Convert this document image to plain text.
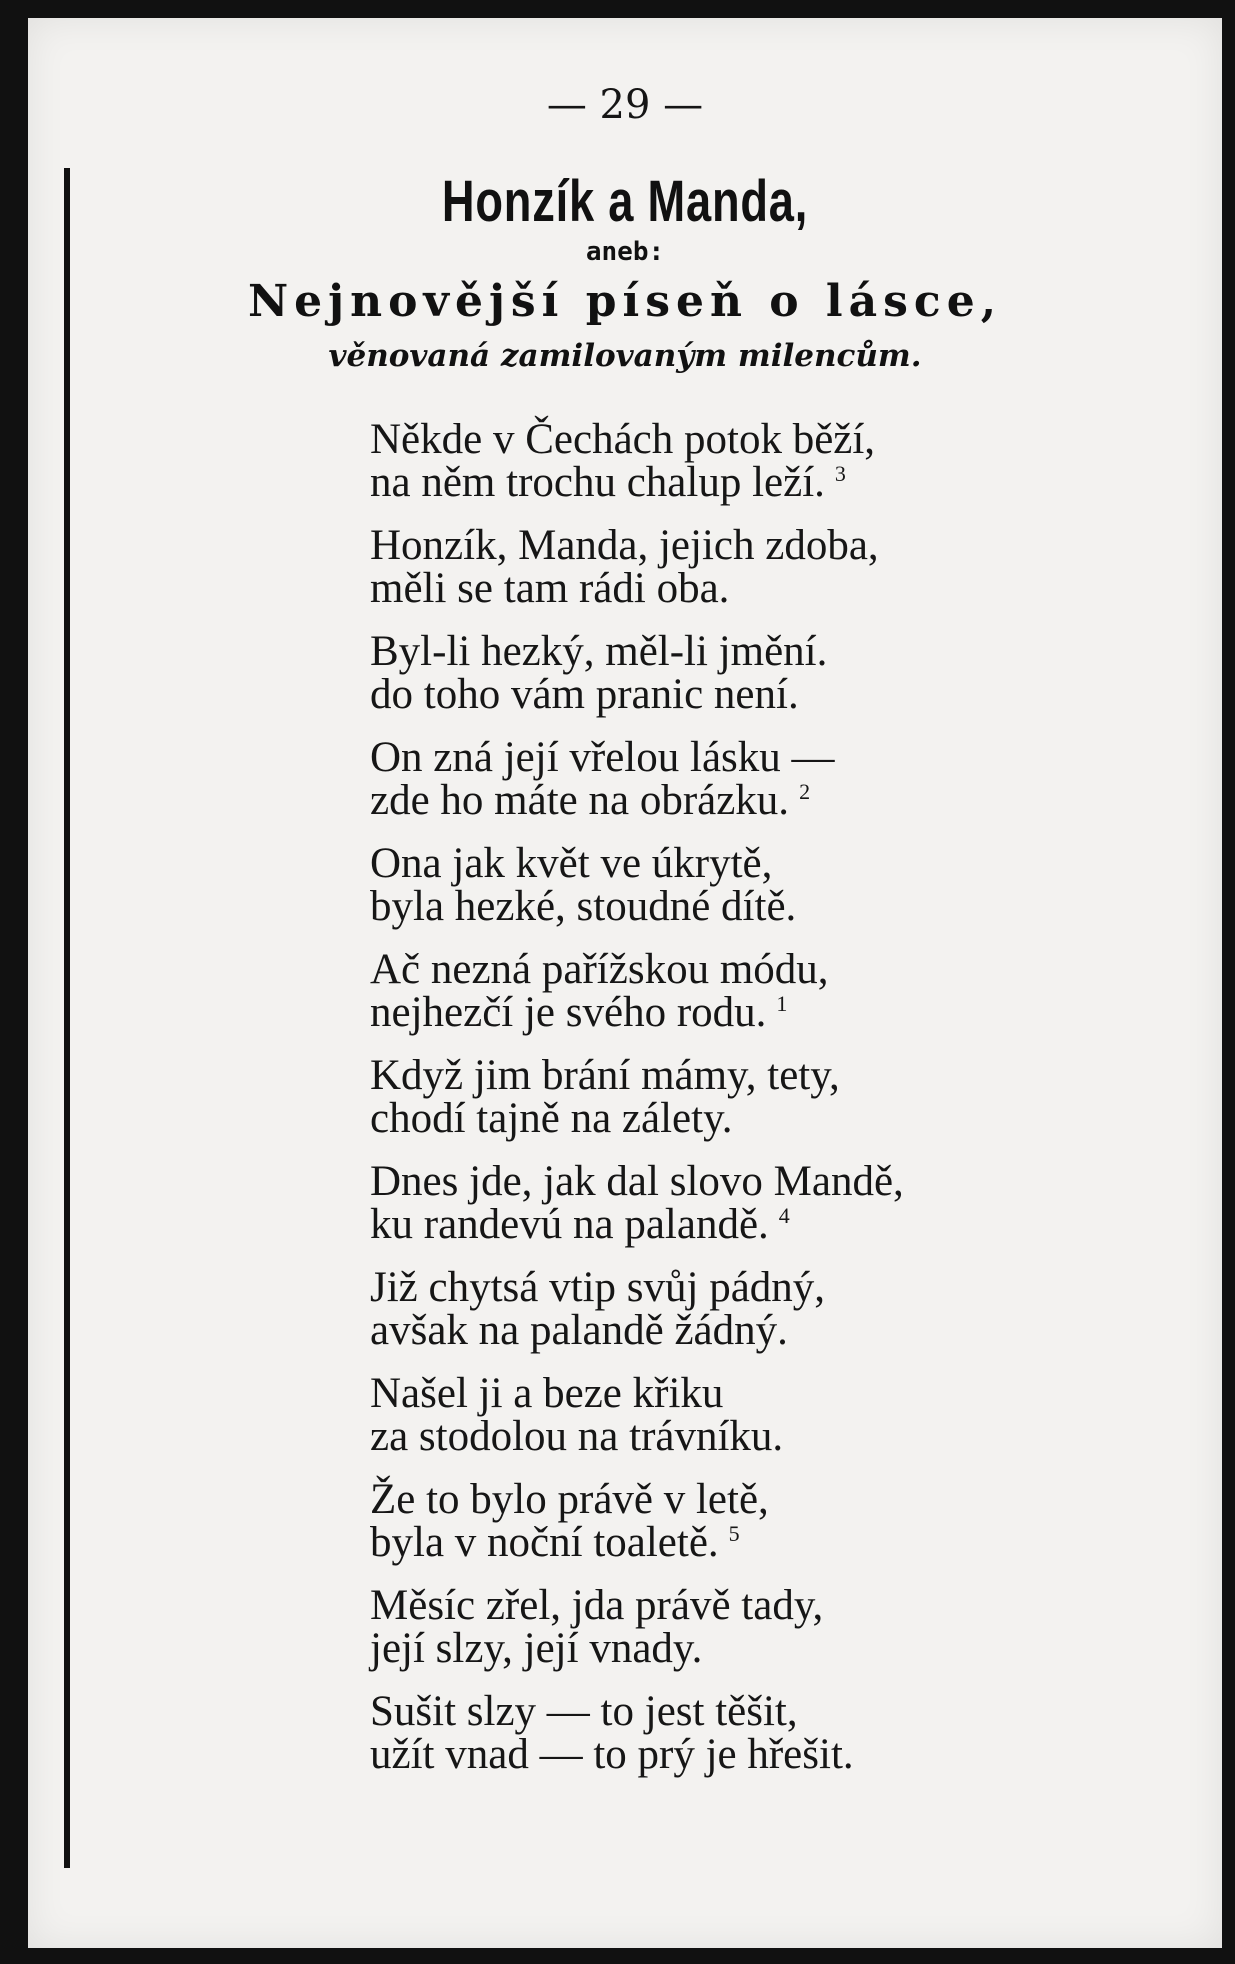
— 29 —
Honzík a Manda,
aneb:
Nejnovější píseň o lásce,
věnovaná zamilovaným milencům.
Někde v Čechách potok běží,
na něm trochu chalup leží. $^3$
Honzík, Manda, jejich zdoba,
měli se tam rádi oba.
Byl-li hezký, měl-li jmění.
do toho vám pranic není.
On zná její vřelou lásku —
zde ho máte na obrázku. $^2$
Ona jak květ ve úkrytě,
byla hezké, stoudné dítě.
Ač nezná pařížskou módu,
nejhezčí je svého rodu. $^1$
Když jim brání mámy, tety,
chodí tajně na zálety.
Dnes jde, jak dal slovo Mandě,
ku randevú na palandě. $^4$
Již chytsá vtip svůj pádný,
avšak na palandě žádný.
Našel ji a beze křiku
za stodolou na trávníku.
Že to bylo právě v letě,
byla v noční toaletě. $^5$
Měsíc zřel, jda právě tady,
její slzy, její vnady.
Sušit slzy — to jest těšit,
užít vnad — to prý je hřešit.
